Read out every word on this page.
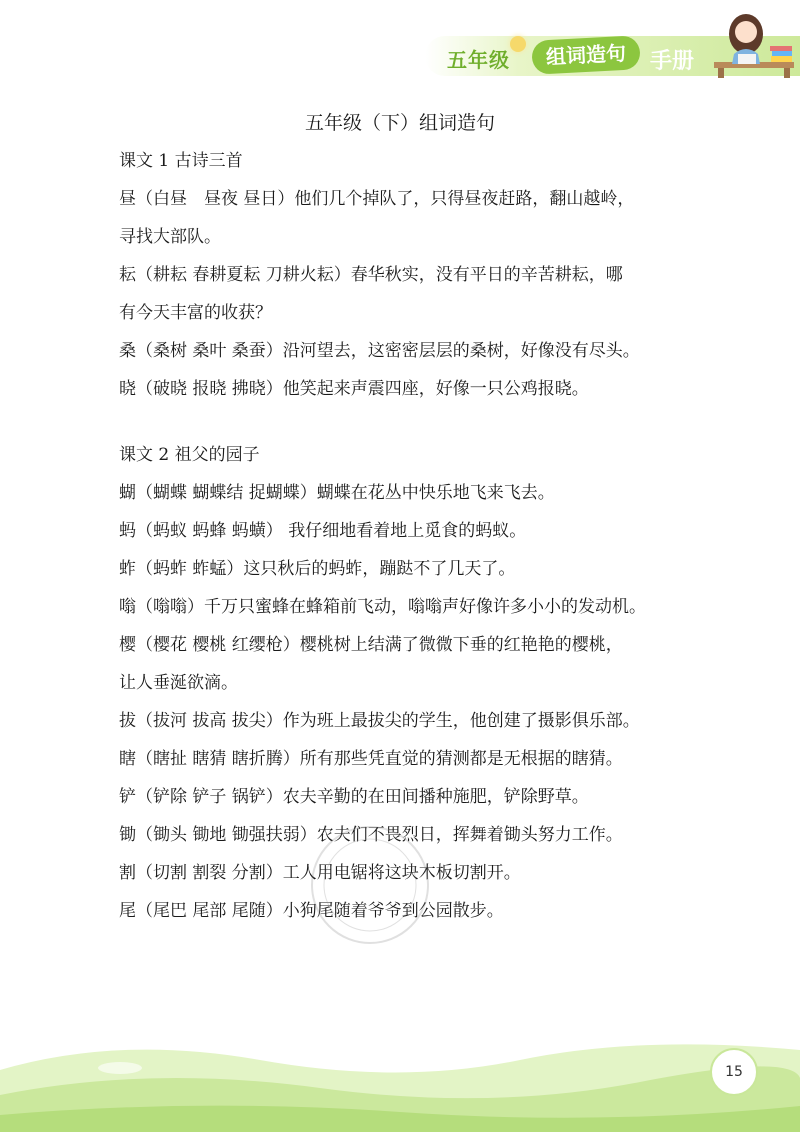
五年级	组词造句	手册
五年级（下）组词造句
课文 1 古诗三首
昼（白昼　昼夜 昼日）他们几个掉队了，只得昼夜赶路，翻山越岭，
寻找大部队。
耘（耕耘 春耕夏耘 刀耕火耘）春华秋实，没有平日的辛苦耕耘，哪
有今天丰富的收获？
桑（桑树 桑叶 桑蚕）沿河望去，这密密层层的桑树，好像没有尽头。
晓（破晓 报晓 拂晓）他笑起来声震四座，好像一只公鸡报晓。
课文 2 祖父的园子
蝴（蝴蝶 蝴蝶结 捉蝴蝶）蝴蝶在花丛中快乐地飞来飞去。
蚂（蚂蚁 蚂蜂 蚂蟥） 我仔细地看着地上觅食的蚂蚁。
蚱（蚂蚱 蚱蜢）这只秋后的蚂蚱，蹦跶不了几天了。
嗡（嗡嗡）千万只蜜蜂在蜂箱前飞动，嗡嗡声好像许多小小的发动机。
樱（樱花 樱桃 红缨枪）樱桃树上结满了微微下垂的红艳艳的樱桃，
让人垂涎欲滴。
拔（拔河 拔高 拔尖）作为班上最拔尖的学生，他创建了摄影俱乐部。
瞎（瞎扯 瞎猜 瞎折腾）所有那些凭直觉的猜测都是无根据的瞎猜。
铲（铲除 铲子 锅铲）农夫辛勤的在田间播种施肥，铲除野草。
锄（锄头 锄地 锄强扶弱）农夫们不畏烈日，挥舞着锄头努力工作。
割（切割 割裂 分割）工人用电锯将这块木板切割开。
尾（尾巴 尾部 尾随）小狗尾随着爷爷到公园散步。
15
